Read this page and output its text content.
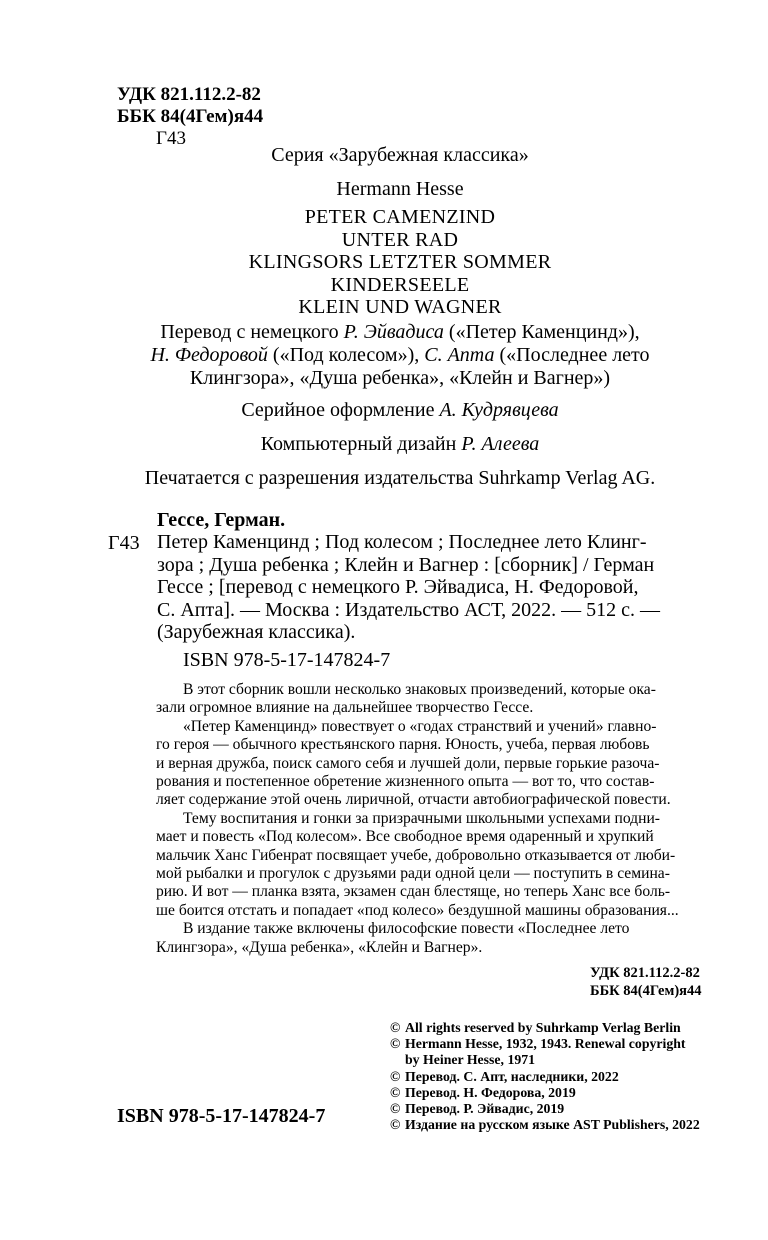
УДК 821.112.2-82
ББК 84(4Гем)я44
Г43
Серия «Зарубежная классика»
Hermann Hesse
PETER CAMENZIND
UNTER RAD
KLINGSORS LETZTER SOMMER
KINDERSEELE
KLEIN UND WAGNER
Перевод с немецкого Р. Эйвадиса («Петер Каменцинд»),
Н. Федоровой («Под колесом»), С. Апта («Последнее лето
Клингзора», «Душа ребенка», «Клейн и Вагнер»)
Серийное оформление А. Кудрявцева
Компьютерный дизайн Р. Алеева
Печатается с разрешения издательства Suhrkamp Verlag AG.
Гессе, Герман.
Г43 Петер Каменцинд ; Под колесом ; Последнее лето Клинг-
зора ; Душа ребенка ; Клейн и Вагнер : [сборник] / Герман
Гессе ; [перевод с немецкого Р. Эйвадиса, Н. Федоровой,
С. Апта]. — Москва : Издательство АСТ, 2022. — 512 с. —
(Зарубежная классика).
ISBN 978-5-17-147824-7
В этот сборник вошли несколько знаковых произведений, которые ока-
зали огромное влияние на дальнейшее творчество Гессе.
«Петер Каменцинд» повествует о «годах странствий и учений» главно-
го героя — обычного крестьянского парня. Юность, учеба, первая любовь
и верная дружба, поиск самого себя и лучшей доли, первые горькие разоча-
рования и постепенное обретение жизненного опыта — вот то, что состав-
ляет содержание этой очень лиричной, отчасти автобиографической повести.
Тему воспитания и гонки за призрачными школьными успехами подни-
мает и повесть «Под колесом». Все свободное время одаренный и хрупкий
мальчик Ханс Гибенрат посвящает учебе, добровольно отказывается от люби-
мой рыбалки и прогулок с друзьями ради одной цели — поступить в семина-
рию. И вот — планка взята, экзамен сдан блестяще, но теперь Ханс все боль-
ше боится отстать и попадает «под колесо» бездушной машины образования...
В издание также включены философские повести «Последнее лето
Клингзора», «Душа ребенка», «Клейн и Вагнер».
УДК 821.112.2-82
ББК 84(4Гем)я44
© All rights reserved by Suhrkamp Verlag Berlin
© Hermann Hesse, 1932, 1943. Renewal copyright
by Heiner Hesse, 1971
© Перевод. С. Апт, наследники, 2022
© Перевод. Н. Федорова, 2019
© Перевод. Р. Эйвадис, 2019
© Издание на русском языке AST Publishers, 2022
ISBN 978-5-17-147824-7
